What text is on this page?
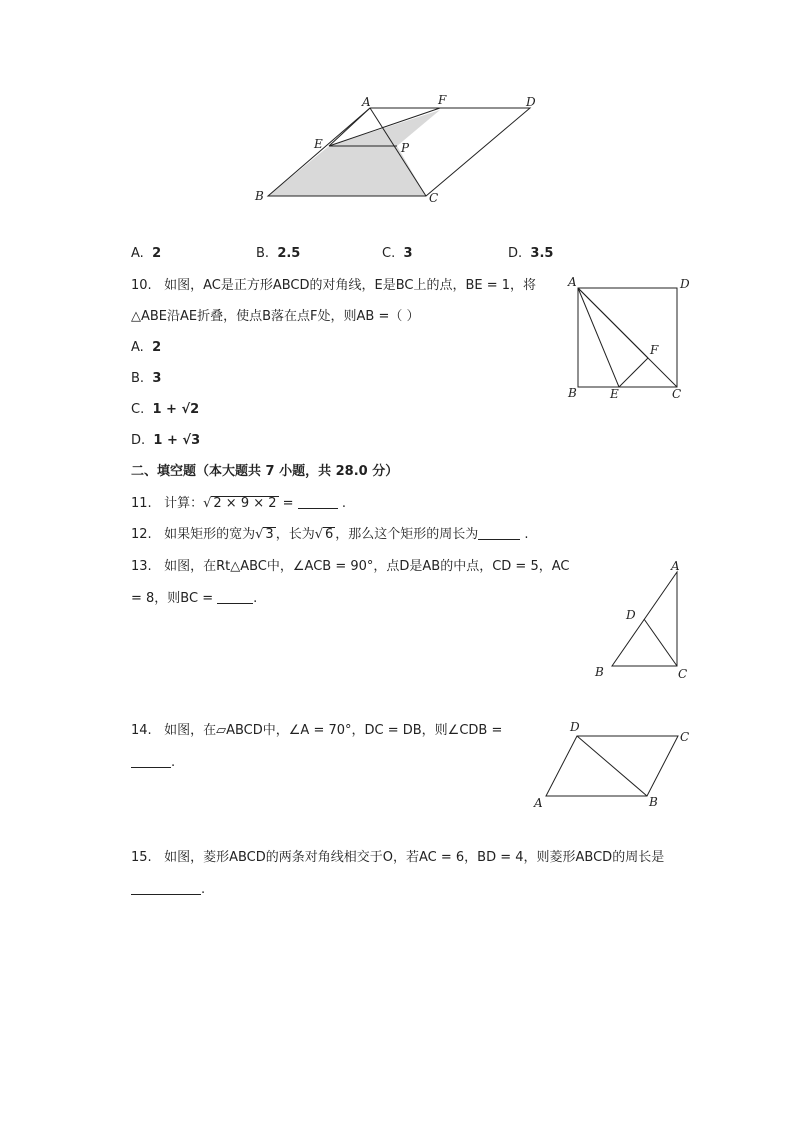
A	F	D
E	P
B	C
A. 2	B. 2.5	C. 3	D. 3.5
10. 如图，AC是正方形ABCD的对角线，E是BC上的点，BE = 1，将
△ABE沿AE折叠，使点B落在点F处，则AB =（ ）
A. 2
B. 3
C. 1 + √2
D. 1 + √3
A	D
F
B	E	C
二、填空题（本大题共 7 小题，共 28.0 分）
11. 计算：√ 2 × 9 × 2 =	.
12. 如果矩形的宽为√ 3 ，长为√ 6 ，那么这个矩形的周长为	.
13. 如图，在Rt△ABC中，∠ACB = 90°，点D是AB的中点，CD = 5，AC
= 8，则BC =	.
A
D
B	C
14. 如图，在▱ABCD中，∠A = 70°，DC = DB，则∠CDB =
.
D
C
A	B
15. 如图，菱形ABCD的两条对角线相交于O，若AC = 6，BD = 4，则菱形ABCD的周长是
.
